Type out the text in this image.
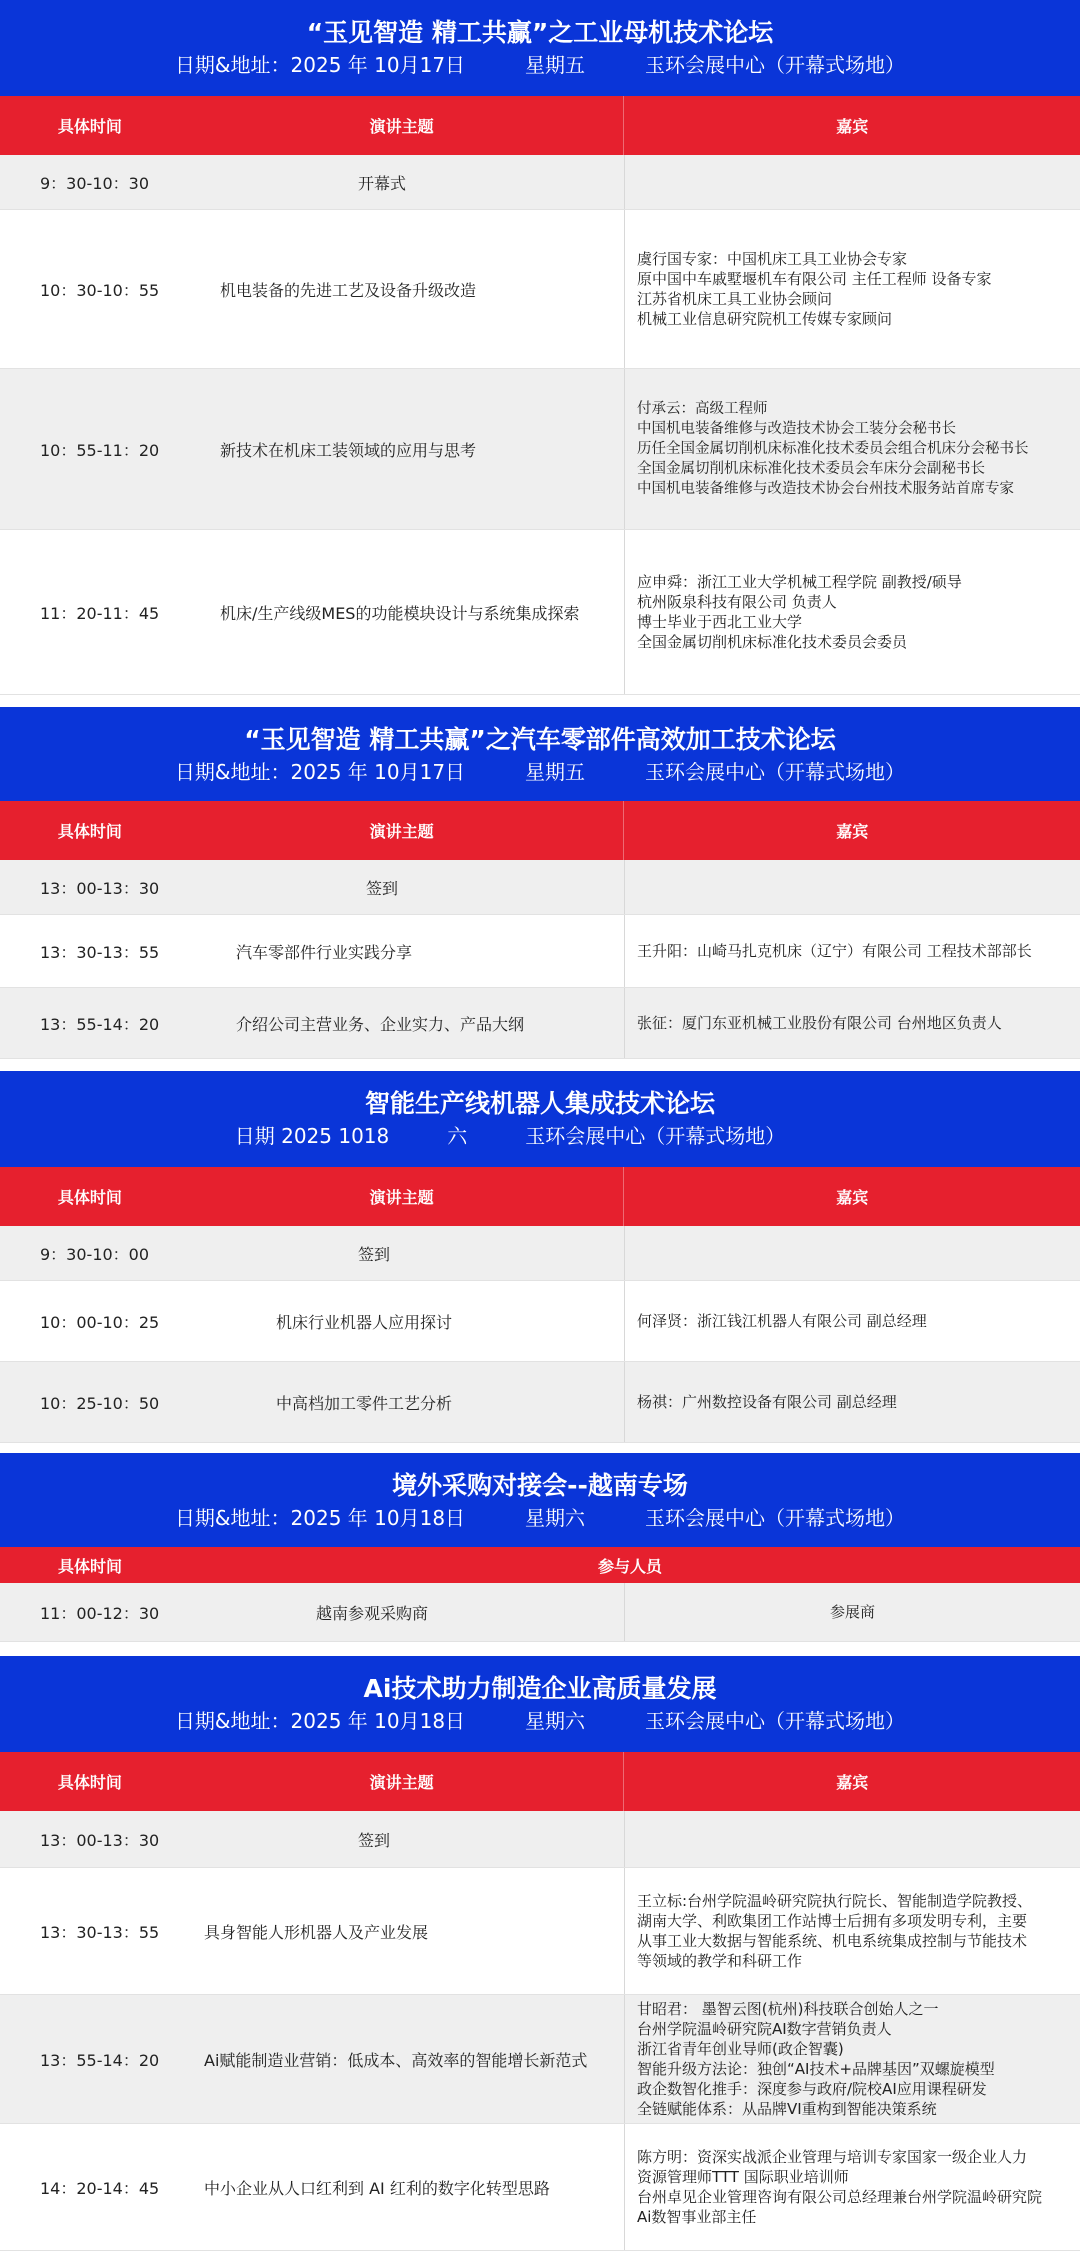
“玉见智造 精工共赢”之工业母机技术论坛
日期&地址：2025 年 10月17日	星期五	玉环会展中心（开幕式场地）
具体时间	演讲主题	嘉宾
9：30-10：30	开幕式
10：30-10：55	机电装备的先进工艺及设备升级改造
虞行国专家：中国机床工具工业协会专家
原中国中车戚墅堰机车有限公司 主任工程师 设备专家
江苏省机床工具工业协会顾问
机械工业信息研究院机工传媒专家顾问
10：55-11：20	新技术在机床工装领域的应用与思考
付承云：高级工程师
中国机电装备维修与改造技术协会工装分会秘书长
历任全国金属切削机床标准化技术委员会组合机床分会秘书长
全国金属切削机床标准化技术委员会车床分会副秘书长
中国机电装备维修与改造技术协会台州技术服务站首席专家
11：20-11：45	机床/生产线级MES的功能模块设计与系统集成探索
应申舜：浙江工业大学机械工程学院 副教授/硕导
杭州阪泉科技有限公司 负责人
博士毕业于西北工业大学
全国金属切削机床标准化技术委员会委员
“玉见智造 精工共赢”之汽车零部件高效加工技术论坛
日期&地址：2025 年 10月17日	星期五	玉环会展中心（开幕式场地）
具体时间	演讲主题	嘉宾
13：00-13：30	签到
13：30-13：55	汽车零部件行业实践分享	王升阳：山崎马扎克机床（辽宁）有限公司 工程技术部部长
13：55-14：20	介绍公司主营业务、企业实力、产品大纲	张征：厦门东亚机械工业股份有限公司 台州地区负责人
智能生产线机器人集成技术论坛
日期 2025 1018	六	玉环会展中心（开幕式场地）
具体时间	演讲主题	嘉宾
9：30-10：00	签到
10：00-10：25	机床行业机器人应用探讨	何泽贤：浙江钱江机器人有限公司 副总经理
10：25-10：50	中高档加工零件工艺分析	杨祺：广州数控设备有限公司 副总经理
境外采购对接会--越南专场
日期&地址：2025 年 10月18日	星期六	玉环会展中心（开幕式场地）
具体时间	参与人员
11：00-12：30	越南参观采购商	参展商
Ai技术助力制造企业高质量发展
日期&地址：2025 年 10月18日	星期六	玉环会展中心（开幕式场地）
具体时间	演讲主题	嘉宾
13：00-13：30	签到
13：30-13：55	具身智能人形机器人及产业发展
王立标:台州学院温岭研究院执行院长、智能制造学院教授、
湖南大学、利欧集团工作站博士后拥有多项发明专利，主要
从事工业大数据与智能系统、机电系统集成控制与节能技术
等领域的教学和科研工作
13：55-14：20	Ai赋能制造业营销：低成本、高效率的智能增长新范式
甘昭君： 墨智云图(杭州)科技联合创始人之一
台州学院温岭研究院AI数字营销负责人
浙江省青年创业导师(政企智囊)
智能升级方法论：独创“AI技术+品牌基因”双螺旋模型
政企数智化推手：深度参与政府/院校AI应用课程研发
全链赋能体系：从品牌VI重构到智能决策系统
14：20-14：45	中小企业从人口红利到 AI 红利的数字化转型思路
陈方明：资深实战派企业管理与培训专家国家一级企业人力
资源管理师TTT 国际职业培训师
台州卓见企业管理咨询有限公司总经理兼台州学院温岭研究院
Ai数智事业部主任
